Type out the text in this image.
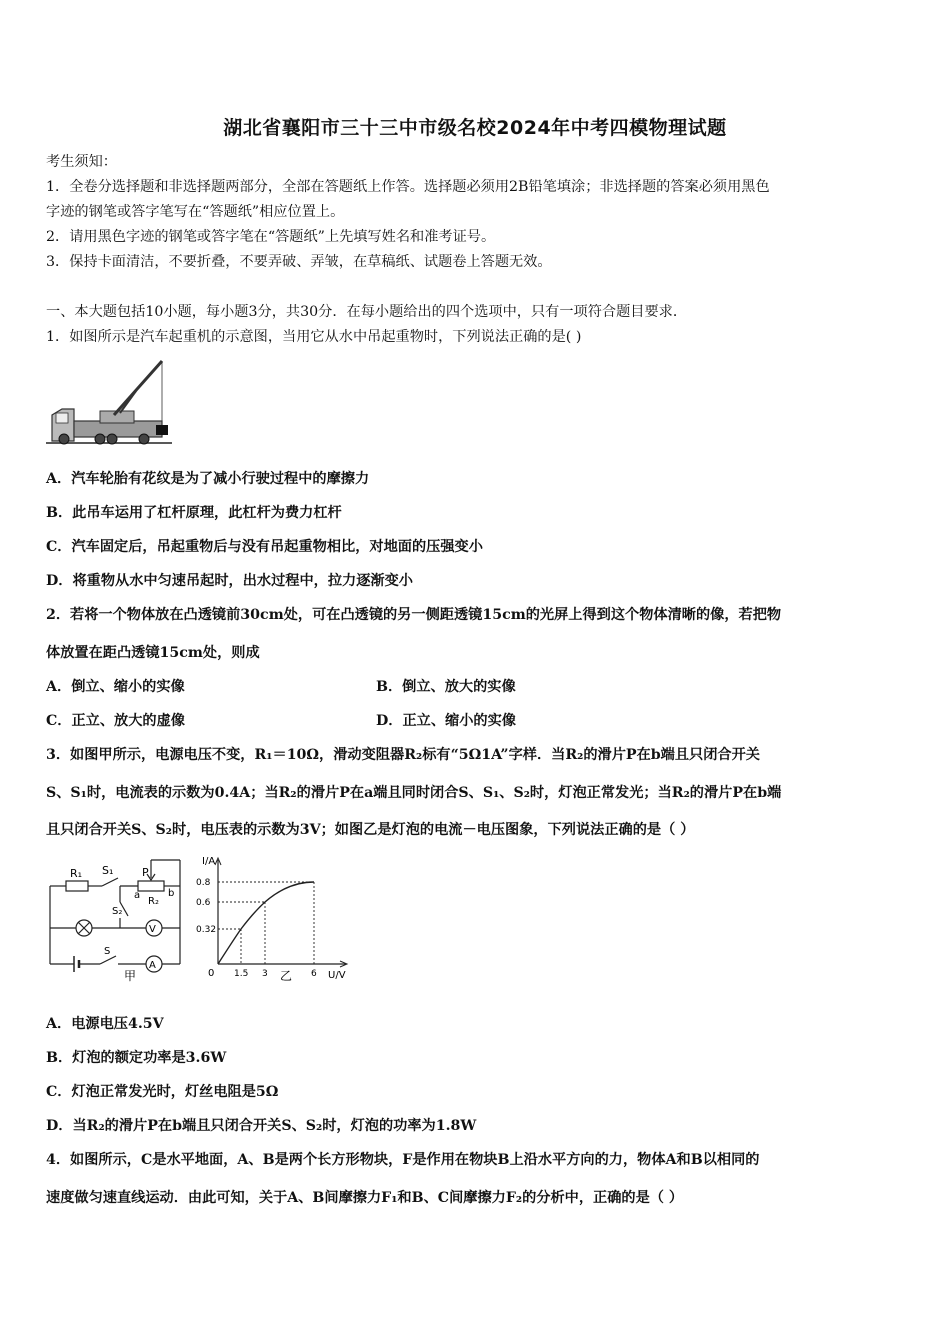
湖北省襄阳市三十三中市级名校2024年中考四模物理试题
考生须知：
1．全卷分选择题和非选择题两部分，全部在答题纸上作答。选择题必须用2B铅笔填涂；非选择题的答案必须用黑色
字迹的钢笔或答字笔写在“答题纸”相应位置上。
2．请用黑色字迹的钢笔或答字笔在“答题纸”上先填写姓名和准考证号。
3．保持卡面清洁，不要折叠，不要弄破、弄皱，在草稿纸、试题卷上答题无效。
一、本大题包括10小题，每小题3分，共30分．在每小题给出的四个选项中，只有一项符合题目要求．
1．如图所示是汽车起重机的示意图，当用它从水中吊起重物时，下列说法正确的是( )
A．汽车轮胎有花纹是为了减小行驶过程中的摩擦力
B．此吊车运用了杠杆原理，此杠杆为费力杠杆
C．汽车固定后，吊起重物后与没有吊起重物相比，对地面的压强变小
D．将重物从水中匀速吊起时，出水过程中，拉力逐渐变小
2．若将一个物体放在凸透镜前30cm处，可在凸透镜的另一侧距透镜15cm的光屏上得到这个物体清晰的像，若把物
体放置在距凸透镜15cm处，则成
A．倒立、缩小的实像	B．倒立、放大的实像
C．正立、放大的虚像	D．正立、缩小的实像
3．如图甲所示，电源电压不变，R₁＝10Ω，滑动变阻器R₂标有“5Ω1A”字样．当R₂的滑片P在b端且只闭合开关
S、S₁时，电流表的示数为0.4A；当R₂的滑片P在a端且同时闭合S、S₁、S₂时，灯泡正常发光；当R₂的滑片P在b端
且只闭合开关S、S₂时，电压表的示数为3V；如图乙是灯泡的电流－电压图象，下列说法正确的是（ ）
R₁ S₁	P
a	b
S₂
R₂
V
S
A
甲
I/A
U/V
0
0.8
0.6
0.32
1.5 3	6
乙
A．电源电压4.5V
B．灯泡的额定功率是3.6W
C．灯泡正常发光时，灯丝电阻是5Ω
D．当R₂的滑片P在b端且只闭合开关S、S₂时，灯泡的功率为1.8W
4．如图所示，C是水平地面，A、B是两个长方形物块，F是作用在物块B上沿水平方向的力，物体A和B以相同的
速度做匀速直线运动．由此可知，关于A、B间摩擦力F₁和B、C间摩擦力F₂的分析中，正确的是（ ）
